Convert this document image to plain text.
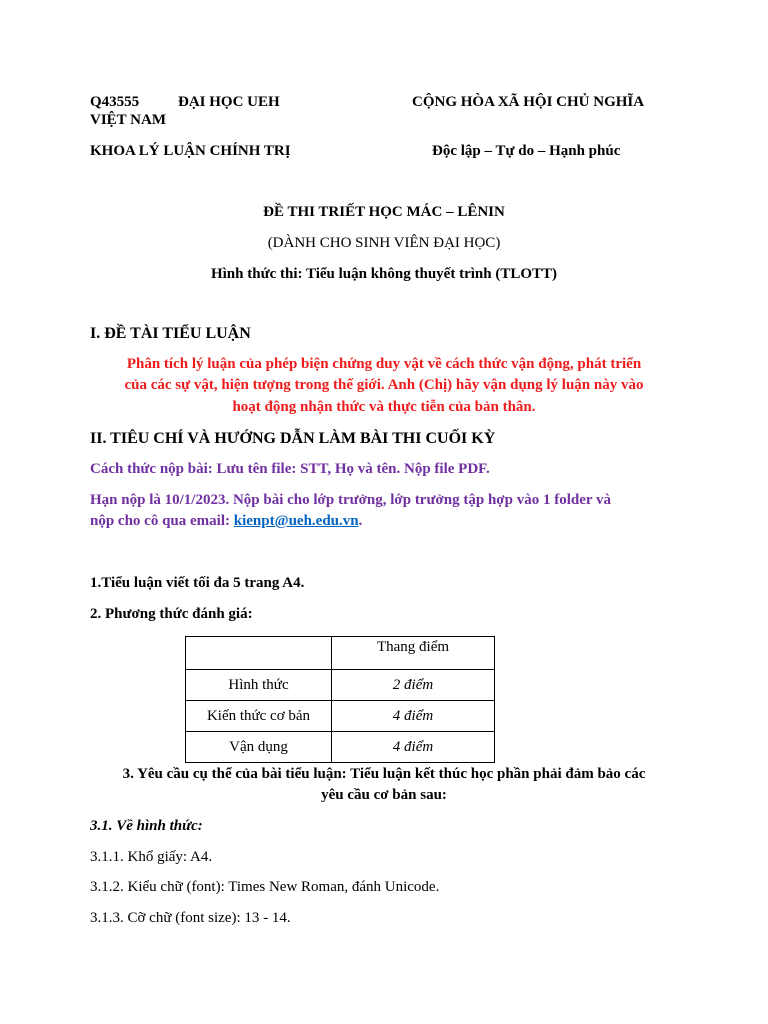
Q43555	ĐẠI HỌC UEH	CỘNG HÒA XÃ HỘI CHỦ NGHĨA
VIỆT NAM
KHOA LÝ LUẬN CHÍNH TRỊ	Độc lập – Tự do – Hạnh phúc
ĐỀ THI TRIẾT HỌC MÁC – LÊNIN
(DÀNH CHO SINH VIÊN ĐẠI HỌC)
Hình thức thi: Tiểu luận không thuyết trình (TLOTT)
I. ĐỀ TÀI TIỂU LUẬN
Phân tích lý luận của phép biện chứng duy vật về cách thức vận động, phát triển
của các sự vật, hiện tượng trong thế giới. Anh (Chị) hãy vận dụng lý luận này vào
hoạt động nhận thức và thực tiễn của bản thân.
II. TIÊU CHÍ VÀ HƯỚNG DẪN LÀM BÀI THI CUỐI KỲ
Cách thức nộp bài: Lưu tên file: STT, Họ và tên. Nộp file PDF.
Hạn nộp là 10/1/2023. Nộp bài cho lớp trưởng, lớp trưởng tập hợp vào 1 folder và
nộp cho cô qua email: kienpt@ueh.edu.vn.
1.Tiểu luận viết tối đa 5 trang A4.
2. Phương thức đánh giá:
	Thang điểm
Hình thức	2 điểm
Kiến thức cơ bản	4 điểm
Vận dụng	4 điểm
3. Yêu cầu cụ thể của bài tiểu luận: Tiểu luận kết thúc học phần phải đảm bảo các
yêu cầu cơ bản sau:
3.1. Về hình thức:
3.1.1. Khổ giấy: A4.
3.1.2. Kiểu chữ (font): Times New Roman, đánh Unicode.
3.1.3. Cỡ chữ (font size): 13 - 14.
